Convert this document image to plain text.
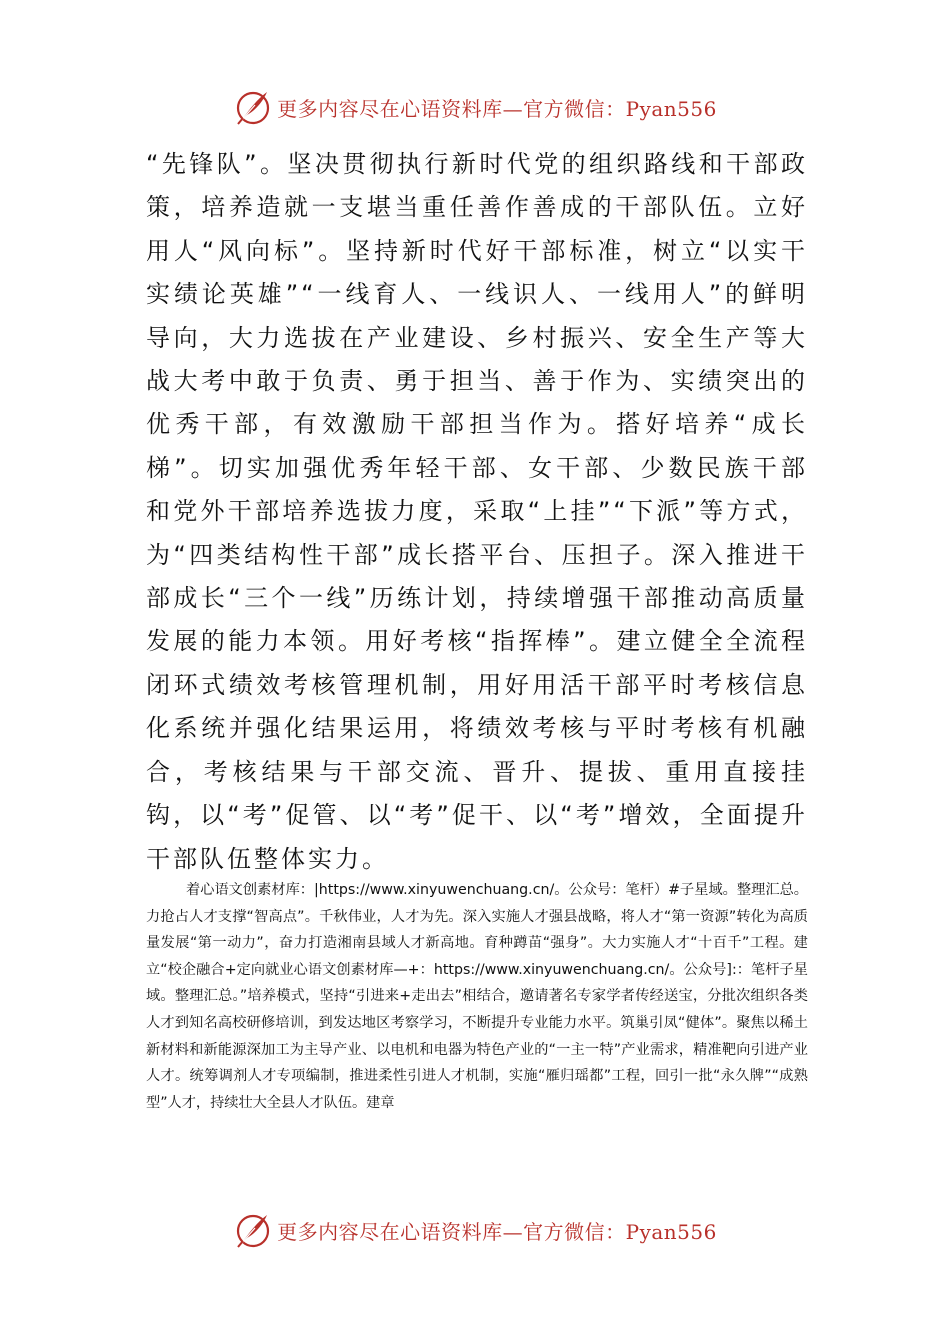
更多内容尽在心语资料库—官方微信：Pyan556

“先锋队”。坚决贯彻执行新时代党的组织路线和干部政策，培养造就一支堪当重任善作善成的干部队伍。立好用人“风向标”。坚持新时代好干部标准，树立“以实干实绩论英雄”“一线育人、一线识人、一线用人”的鲜明导向，大力选拔在产业建设、乡村振兴、安全生产等大战大考中敢于负责、勇于担当、善于作为、实绩突出的优秀干部，有效激励干部担当作为。搭好培养“成长梯”。切实加强优秀年轻干部、女干部、少数民族干部和党外干部培养选拔力度，采取“上挂”“下派”等方式，为“四类结构性干部”成长搭平台、压担子。深入推进干部成长“三个一线”历练计划，持续增强干部推动高质量发展的能力本领。用好考核“指挥棒”。建立健全全流程闭环式绩效考核管理机制，用好用活干部平时考核信息化系统并强化结果运用，将绩效考核与平时考核有机融合，考核结果与干部交流、晋升、提拔、重用直接挂钩，以“考”促管、以“考”促干、以“考”增效，全面提升干部队伍整体实力。

着心语文创素材库：|https://www.xinyuwenchuang.cn/。公众号：笔杆）#子星域。整理汇总。力抢占人才支撑“智高点”。千秋伟业，人才为先。深入实施人才强县战略，将人才“第一资源”转化为高质量发展“第一动力”，奋力打造湘南县域人才新高地。育种蹲苗“强身”。大力实施人才“十百千”工程。建立“校企融合+定向就业心语文创素材库—+：https://www.xinyuwenchuang.cn/。公众号]:：笔杆子星域。整理汇总。”培养模式，坚持“引进来+走出去”相结合，邀请著名专家学者传经送宝，分批次组织各类人才到知名高校研修培训，到发达地区考察学习，不断提升专业能力水平。筑巢引凤“健体”。聚焦以稀土新材料和新能源深加工为主导产业、以电机和电器为特色产业的“一主一特”产业需求，精准靶向引进产业人才。统筹调剂人才专项编制，推进柔性引进人才机制，实施“雁归瑶都”工程，回引一批“永久牌”“成熟型”人才，持续壮大全县人才队伍。建章

更多内容尽在心语资料库—官方微信：Pyan556
